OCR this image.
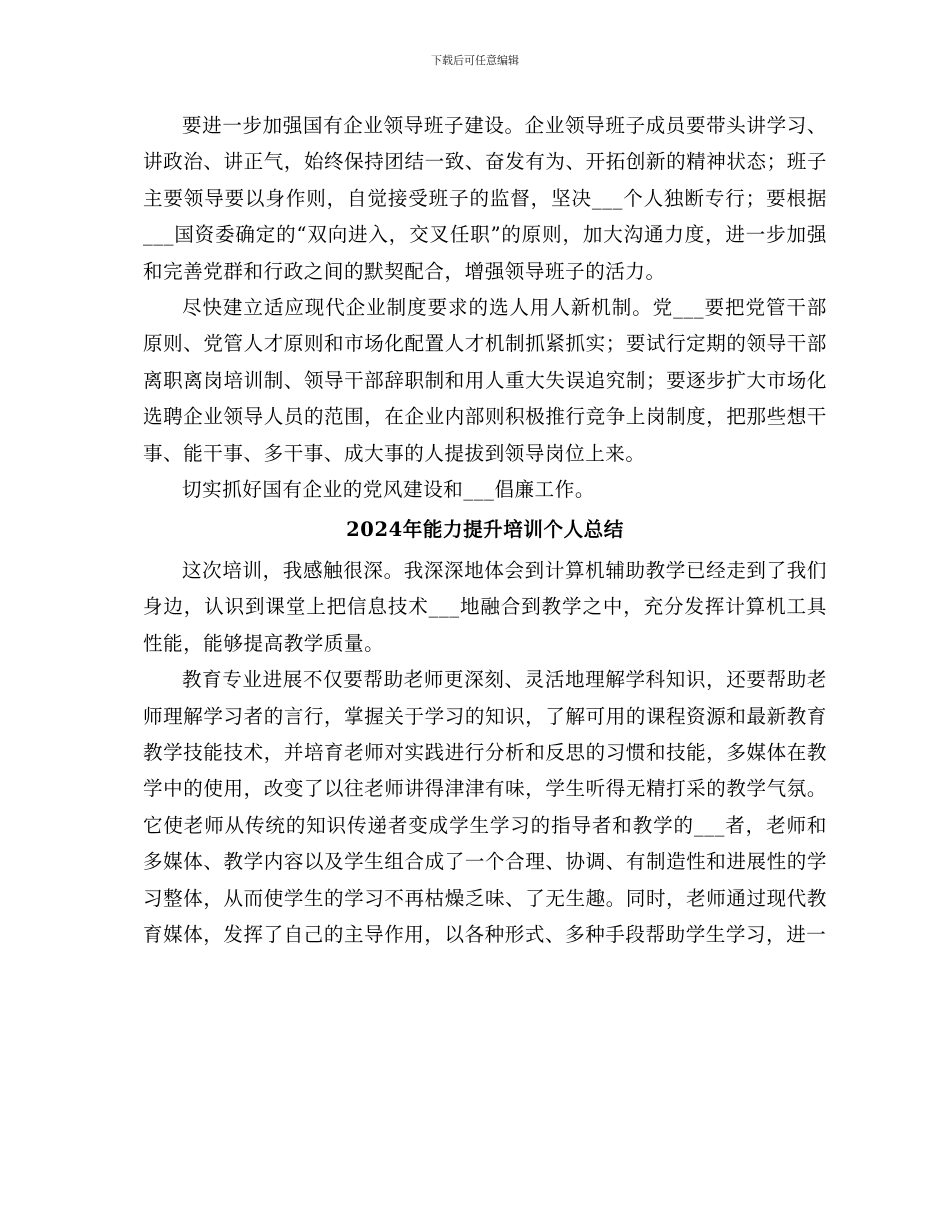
下载后可任意编辑

要进一步加强国有企业领导班子建设。企业领导班子成员要带头讲学习、讲政治、讲正气，始终保持团结一致、奋发有为、开拓创新的精神状态；班子主要领导要以身作则，自觉接受班子的监督，坚决___个人独断专行；要根据___国资委确定的“双向进入，交叉任职”的原则，加大沟通力度，进一步加强和完善党群和行政之间的默契配合，增强领导班子的活力。

尽快建立适应现代企业制度要求的选人用人新机制。党___要把党管干部原则、党管人才原则和市场化配置人才机制抓紧抓实；要试行定期的领导干部离职离岗培训制、领导干部辞职制和用人重大失误追究制；要逐步扩大市场化选聘企业领导人员的范围，在企业内部则积极推行竞争上岗制度，把那些想干事、能干事、多干事、成大事的人提拔到领导岗位上来。

切实抓好国有企业的党风建设和___倡廉工作。

2024年能力提升培训个人总结

这次培训，我感触很深。我深深地体会到计算机辅助教学已经走到了我们身边，认识到课堂上把信息技术___地融合到教学之中，充分发挥计算机工具性能，能够提高教学质量。

教育专业进展不仅要帮助老师更深刻、灵活地理解学科知识，还要帮助老师理解学习者的言行，掌握关于学习的知识，了解可用的课程资源和最新教育教学技能技术，并培育老师对实践进行分析和反思的习惯和技能，多媒体在教学中的使用，改变了以往老师讲得津津有味，学生听得无精打采的教学气氛。它使老师从传统的知识传递者变成学生学习的指导者和教学的___者，老师和多媒体、教学内容以及学生组合成了一个合理、协调、有制造性和进展性的学习整体，从而使学生的学习不再枯燥乏味、了无生趣。同时，老师通过现代教育媒体，发挥了自己的主导作用，以各种形式、多种手段帮助学生学习，进一
